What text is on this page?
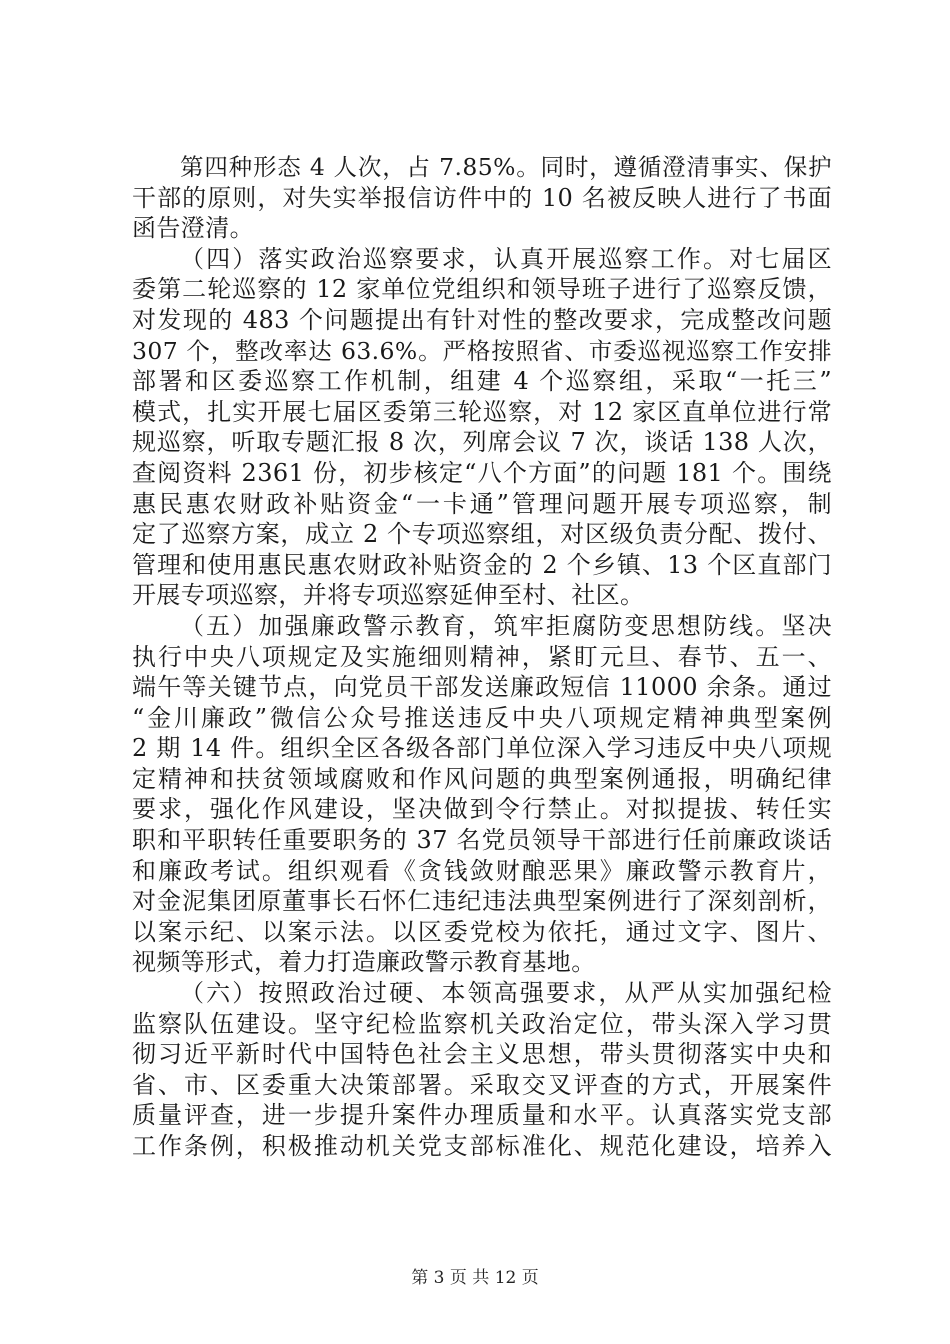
第四种形态 4 人次，占 7.85%。同时，遵循澄清事实、保护
干部的原则，对失实举报信访件中的 10 名被反映人进行了书面
函告澄清。
（四）落实政治巡察要求，认真开展巡察工作。对七届区
委第二轮巡察的 12 家单位党组织和领导班子进行了巡察反馈，
对发现的 483 个问题提出有针对性的整改要求，完成整改问题
307 个，整改率达 63.6%。严格按照省、市委巡视巡察工作安排
部署和区委巡察工作机制，组建 4 个巡察组，采取“一托三”
模式，扎实开展七届区委第三轮巡察，对 12 家区直单位进行常
规巡察，听取专题汇报 8 次，列席会议 7 次，谈话 138 人次，
查阅资料 2361 份，初步核定“八个方面”的问题 181 个。围绕
惠民惠农财政补贴资金“一卡通”管理问题开展专项巡察，制
定了巡察方案，成立 2 个专项巡察组，对区级负责分配、拨付、
管理和使用惠民惠农财政补贴资金的 2 个乡镇、13 个区直部门
开展专项巡察，并将专项巡察延伸至村、社区。
（五）加强廉政警示教育，筑牢拒腐防变思想防线。坚决
执行中央八项规定及实施细则精神，紧盯元旦、春节、五一、
端午等关键节点，向党员干部发送廉政短信 11000 余条。通过
“金川廉政”微信公众号推送违反中央八项规定精神典型案例
2 期 14 件。组织全区各级各部门单位深入学习违反中央八项规
定精神和扶贫领域腐败和作风问题的典型案例通报，明确纪律
要求，强化作风建设，坚决做到令行禁止。对拟提拔、转任实
职和平职转任重要职务的 37 名党员领导干部进行任前廉政谈话
和廉政考试。组织观看《贪钱敛财酿恶果》廉政警示教育片，
对金泥集团原董事长石怀仁违纪违法典型案例进行了深刻剖析，
以案示纪、以案示法。以区委党校为依托，通过文字、图片、
视频等形式，着力打造廉政警示教育基地。
（六）按照政治过硬、本领高强要求，从严从实加强纪检
监察队伍建设。坚守纪检监察机关政治定位，带头深入学习贯
彻习近平新时代中国特色社会主义思想，带头贯彻落实中央和
省、市、区委重大决策部署。采取交叉评查的方式，开展案件
质量评查，进一步提升案件办理质量和水平。认真落实党支部
工作条例，积极推动机关党支部标准化、规范化建设，培养入
第 3 页 共 12 页
